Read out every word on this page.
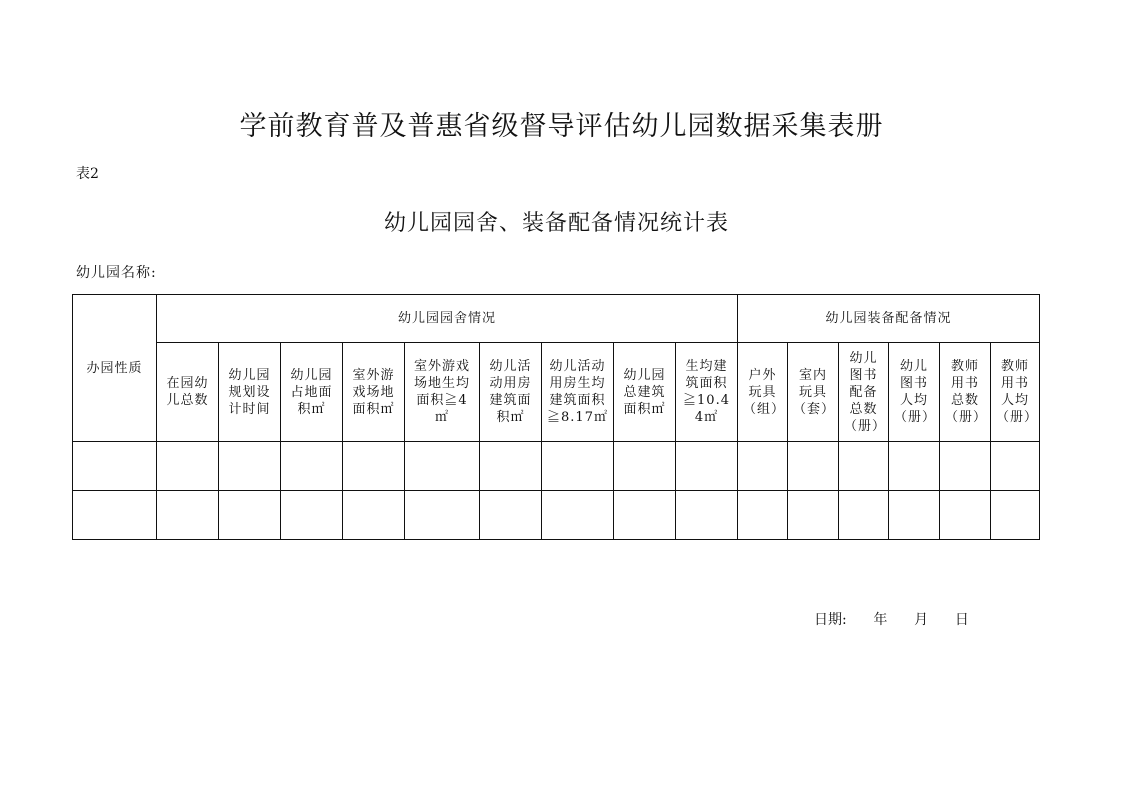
学前教育普及普惠省级督导评估幼儿园数据采集表册
表2
幼儿园园舍、装备配备情况统计表
幼儿园名称:
办园性质	幼儿园园舍情况									幼儿园装备配备情况					

	在园幼儿总数	幼儿园规划设计时间	幼儿园占地面积㎡	室外游戏场地面积㎡	室外游戏场地生均面积≧4㎡	幼儿活动用房建筑面积㎡	幼儿活动用房生均建筑面积≧8.17㎡	幼儿园总建筑面积㎡	生均建筑面积≧10.44㎡	户外玩具（组）	室内玩具（套）	幼儿图书配备总数（册）	幼儿图书人均（册）	教师用书总数（册）	教师用书人均（册）

日期:      年      月      日
